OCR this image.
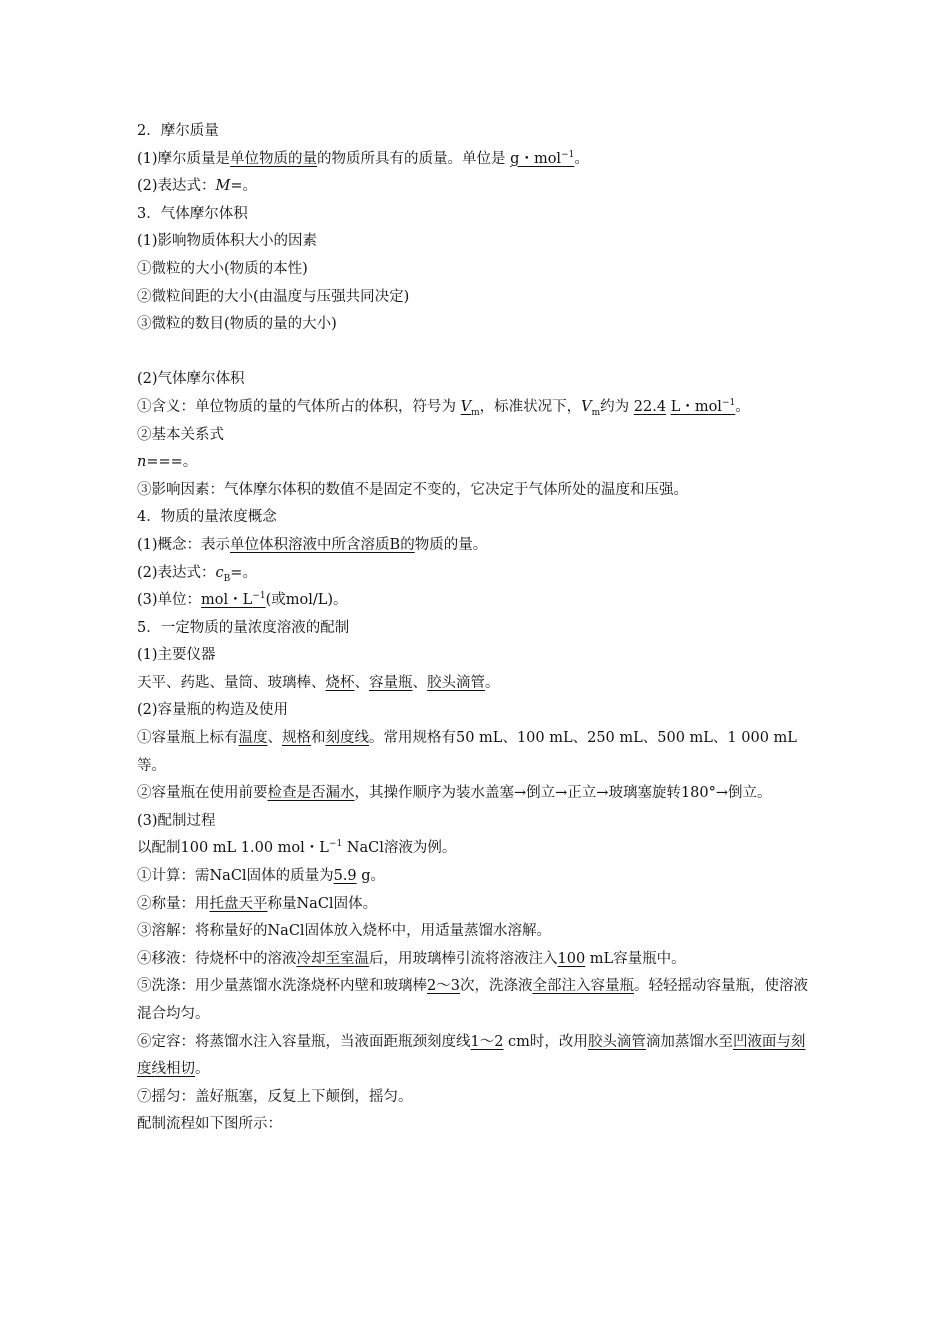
2．摩尔质量
(1)摩尔质量是单位物质的量的物质所具有的质量。单位是 g・mol$^{-1}$。
(2)表达式：M=。
3．气体摩尔体积
(1)影响物质体积大小的因素
①微粒的大小(物质的本性)
②微粒间距的大小(由温度与压强共同决定)
③微粒的数目(物质的量的大小)
(2)气体摩尔体积
①含义：单位物质的量的气体所占的体积，符号为 $V_m$，标准状况下，$V_m$约为 22.4 L・mol$^{-1}$。
②基本关系式
n===。
③影响因素：气体摩尔体积的数值不是固定不变的，它决定于气体所处的温度和压强。
4．物质的量浓度概念
(1)概念：表示单位体积溶液中所含溶质B的物质的量。
(2)表达式：$c_B=$。
(3)单位：mol・$L^{-1}$(或mol/L)。
5．一定物质的量浓度溶液的配制
(1)主要仪器
天平、药匙、量筒、玻璃棒、烧杯、容量瓶、胶头滴管。
(2)容量瓶的构造及使用
①容量瓶上标有温度、规格和刻度线。常用规格有50 mL、100 mL、250 mL、500 mL、1 000 mL等。
②容量瓶在使用前要检查是否漏水，其操作顺序为装水盖塞→倒立→正立→玻璃塞旋转180°→倒立。
(3)配制过程
以配制100 mL 1.00 mol・$L^{-1}$ NaCl溶液为例。
①计算：需NaCl固体的质量为5.9 g。
②称量：用托盘天平称量NaCl固体。
③溶解：将称量好的NaCl固体放入烧杯中，用适量蒸馏水溶解。
④移液：待烧杯中的溶液冷却至室温后，用玻璃棒引流将溶液注入100 mL容量瓶中。
⑤洗涤：用少量蒸馏水洗涤烧杯内壁和玻璃棒2～3次，洗涤液全部注入容量瓶。轻轻摇动容量瓶，使溶液混合均匀。
⑥定容：将蒸馏水注入容量瓶，当液面距瓶颈刻度线1～2 cm时，改用胶头滴管滴加蒸馏水至凹液面与刻度线相切。
⑦摇匀：盖好瓶塞，反复上下颠倒，摇匀。
配制流程如下图所示：
